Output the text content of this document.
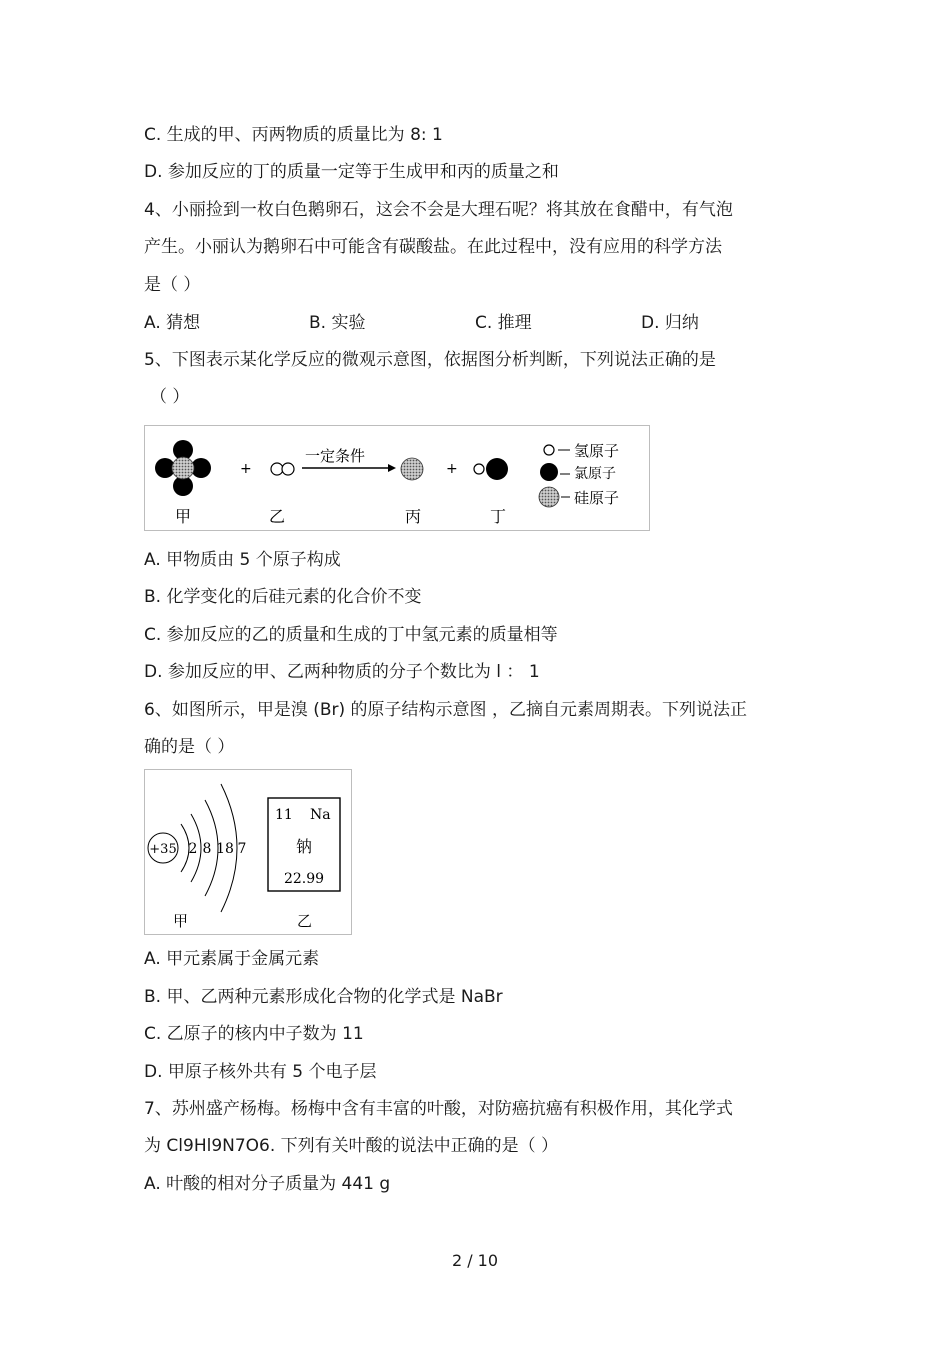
C. 生成的甲、丙两物质的质量比为 8: 1
D. 参加反应的丁的质量一定等于生成甲和丙的质量之和
4、小丽捡到一枚白色鹅卵石，这会不会是大理石呢？将其放在食醋中，有气泡
产生。小丽认为鹅卵石中可能含有碳酸盐。在此过程中，没有应用的科学方法
是（ ）
A. 猜想	B. 实验	C. 推理	D. 归纳
5、下图表示某化学反应的微观示意图，依据图分析判断，下列说法正确的是
（ ）
+
一定条件
+
甲	乙	丙	丁
氢原子
氯原子
硅原子
A. 甲物质由 5 个原子构成
B. 化学变化的后硅元素的化合价不变
C. 参加反应的乙的质量和生成的丁中氢元素的质量相等
D. 参加反应的甲、乙两种物质的分子个数比为 l ： 1
6、如图所示，甲是溴 (Br) 的原子结构示意图 ，乙摘自元素周期表。下列说法正
确的是（ ）
+35 2 8 18 7
11 Na
钠
22.99
甲	乙
A. 甲元素属于金属元素
B. 甲、乙两种元素形成化合物的化学式是 NaBr
C. 乙原子的核内中子数为 11
D. 甲原子核外共有 5 个电子层
7、苏州盛产杨梅。杨梅中含有丰富的叶酸，对防癌抗癌有积极作用，其化学式
为 Cl9Hl9N7O6. 下列有关叶酸的说法中正确的是（ ）
A. 叶酸的相对分子质量为 441 g
2 / 10
